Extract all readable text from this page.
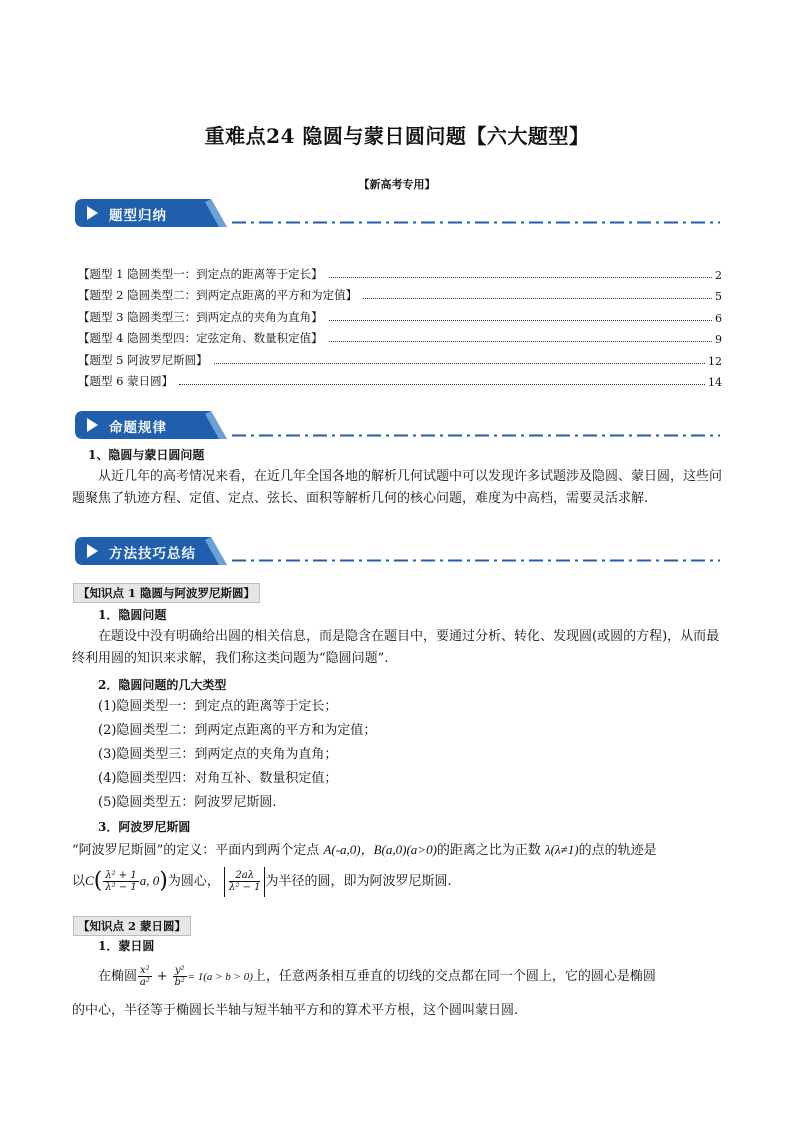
重难点24 隐圆与蒙日圆问题【六大题型】
【新高考专用】
题型归纳
【题型 1 隐圆类型一：到定点的距离等于定长】	2
【题型 2 隐圆类型二：到两定点距离的平方和为定值】	5
【题型 3 隐圆类型三：到两定点的夹角为直角】	6
【题型 4 隐圆类型四：定弦定角、数量积定值】	9
【题型 5 阿波罗尼斯圆】	12
【题型 6 蒙日圆】	14
命题规律
1、隐圆与蒙日圆问题
从近几年的高考情况来看，在近几年全国各地的解析几何试题中可以发现许多试题涉及隐圆、蒙日圆，这些问题聚焦了轨迹方程、定值、定点、弦长、面积等解析几何的核心问题，难度为中高档，需要灵活求解.
方法技巧总结
【知识点 1 隐圆与阿波罗尼斯圆】
1．隐圆问题
在题设中没有明确给出圆的相关信息，而是隐含在题目中，要通过分析、转化、发现圆(或圆的方程)，从而最终利用圆的知识来求解，我们称这类问题为“隐圆问题”.
2．隐圆问题的几大类型
(1)隐圆类型一：到定点的距离等于定长；
(2)隐圆类型二：到两定点距离的平方和为定值；
(3)隐圆类型三：到两定点的夹角为直角；
(4)隐圆类型四：对角互补、数量积定值；
(5)隐圆类型五：阿波罗尼斯圆.
3．阿波罗尼斯圆
“阿波罗尼斯圆”的定义：平面内到两个定点 A(-a,0)，B(a,0)(a>0)的距离之比为正数 λ(λ≠1)的点的轨迹是
以$C( \frac{\text{λ² + 1}}{\text{λ² − 1}} a$, 0)为圆心， $\frac{2a\lambda}{\text{λ² − 1}}$ 为半径的圆，即为阿波罗尼斯圆.
【知识点 2 蒙日圆】
1．蒙日圆
在椭圆 $\frac{\text{x²}}{\text{a²}} + \frac{\text{y²}}{\text{b²}} = 1(a > b > 0)$上，任意两条相互垂直的切线的交点都在同一个圆上，它的圆心是椭圆
的中心，半径等于椭圆长半轴与短半轴平方和的算术平方根，这个圆叫蒙日圆.
